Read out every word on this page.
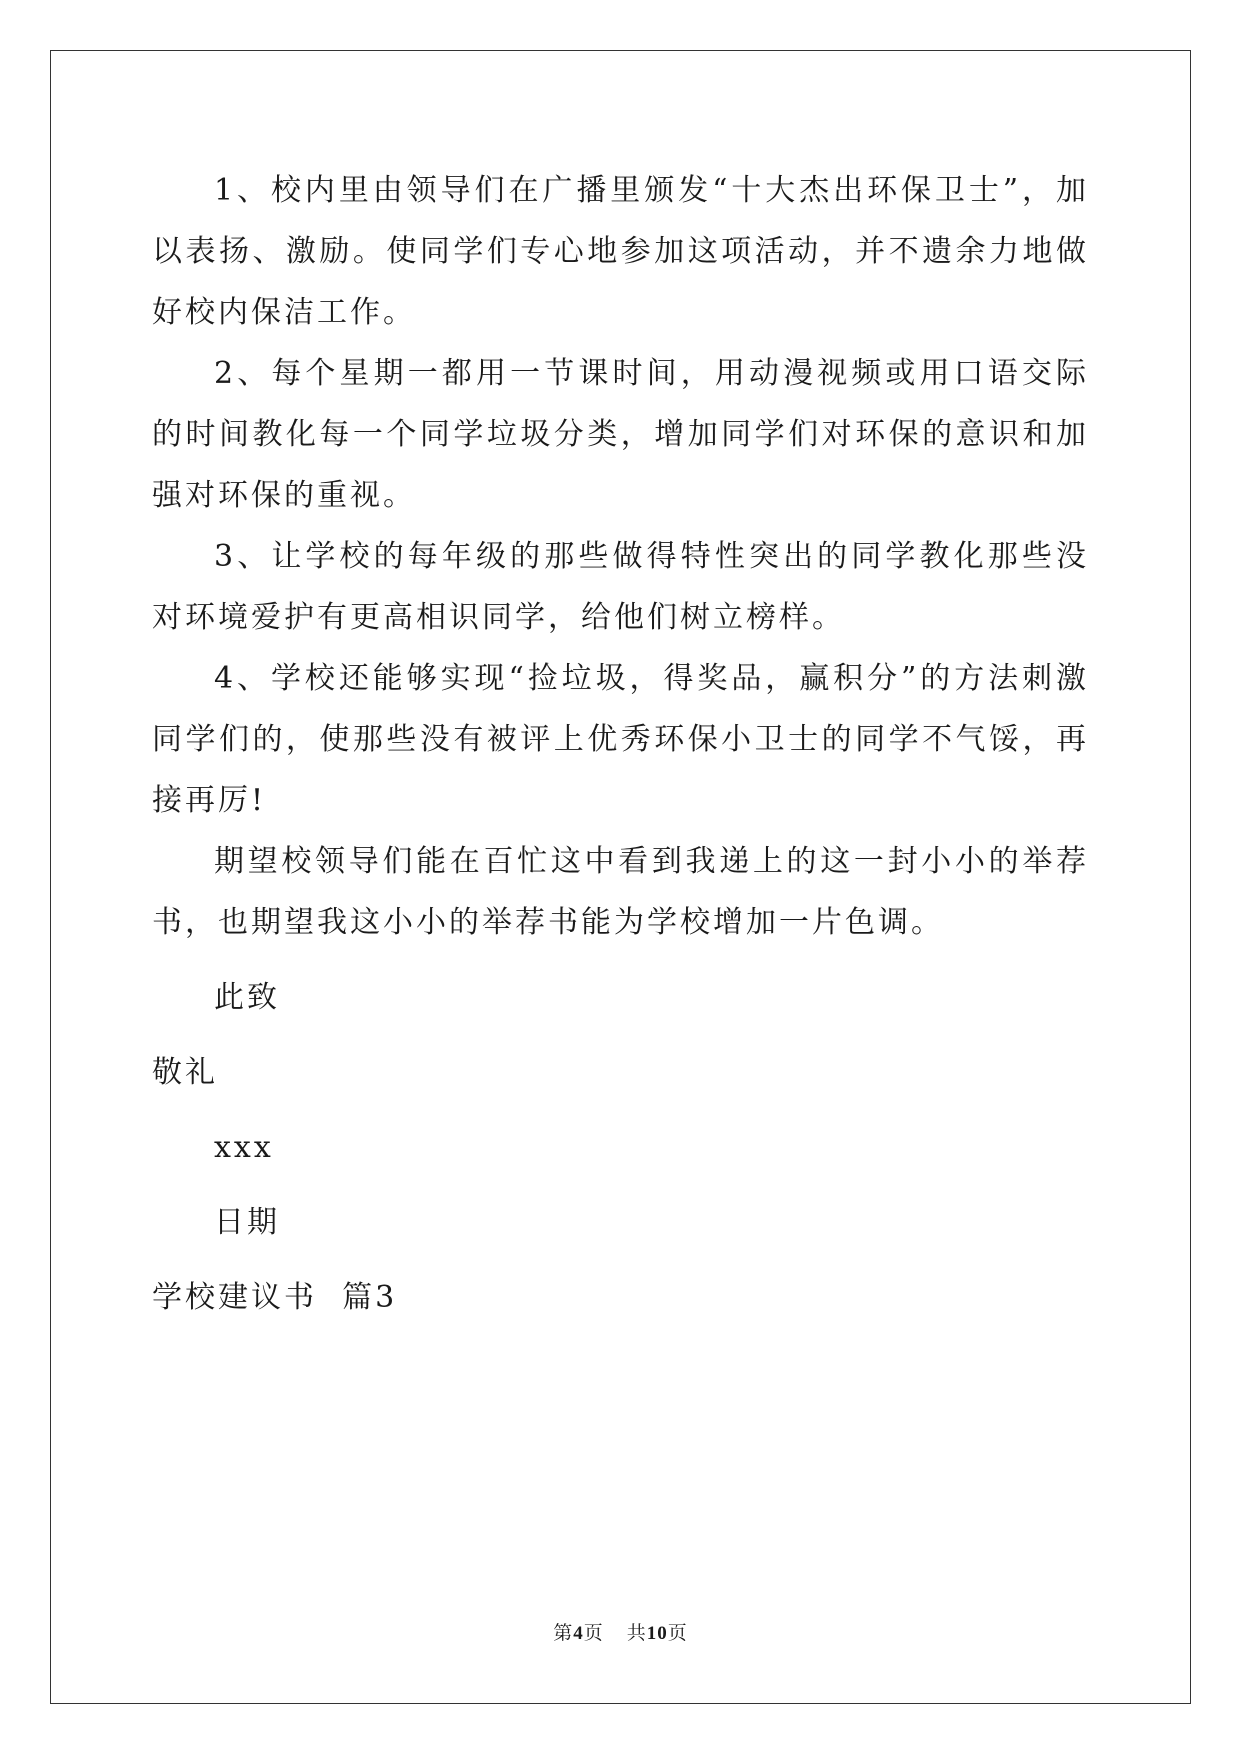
1、校内里由领导们在广播里颁发“十大杰出环保卫士”，加以表扬、激励。使同学们专心地参加这项活动，并不遗余力地做好校内保洁工作。

2、每个星期一都用一节课时间，用动漫视频或用口语交际的时间教化每一个同学垃圾分类，增加同学们对环保的意识和加强对环保的重视。

3、让学校的每年级的那些做得特性突出的同学教化那些没对环境爱护有更高相识同学，给他们树立榜样。

4、学校还能够实现“捡垃圾，得奖品，赢积分”的方法刺激同学们的，使那些没有被评上优秀环保小卫士的同学不气馁，再接再厉!

期望校领导们能在百忙这中看到我递上的这一封小小的举荐书，也期望我这小小的举荐书能为学校增加一片色调。

此致

敬礼

xxx

日期

学校建议书  篇3

第4页    共10页
